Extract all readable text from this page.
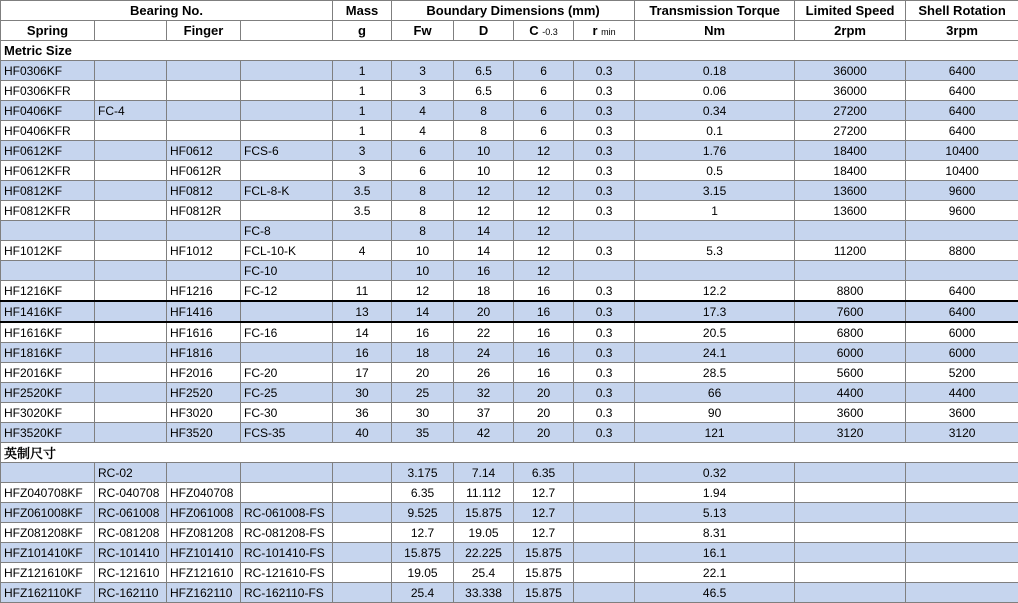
Bearing No.				Mass	Boundary Dimensions (mm)				Transmission Torque	Limited Speed	Shell Rotation
Spring		Finger		g	Fw	D	C -0.3	r min	Nm	2rpm	3rpm
Metric Size											
HF0306KF				1	3	6.5	6	0.3	0.18	36000	6400
HF0306KFR				1	3	6.5	6	0.3	0.06	36000	6400
HF0406KF	FC-4			1	4	8	6	0.3	0.34	27200	6400
HF0406KFR				1	4	8	6	0.3	0.1	27200	6400
HF0612KF		HF0612	FCS-6	3	6	10	12	0.3	1.76	18400	10400
HF0612KFR		HF0612R		3	6	10	12	0.3	0.5	18400	10400
HF0812KF		HF0812	FCL-8-K	3.5	8	12	12	0.3	3.15	13600	9600
HF0812KFR		HF0812R		3.5	8	12	12	0.3	1	13600	9600
			FC-8		8	14	12				
HF1012KF		HF1012	FCL-10-K	4	10	14	12	0.3	5.3	11200	8800
			FC-10		10	16	12				
HF1216KF		HF1216	FC-12	11	12	18	16	0.3	12.2	8800	6400
HF1416KF		HF1416		13	14	20	16	0.3	17.3	7600	6400
HF1616KF		HF1616	FC-16	14	16	22	16	0.3	20.5	6800	6000
HF1816KF		HF1816		16	18	24	16	0.3	24.1	6000	6000
HF2016KF		HF2016	FC-20	17	20	26	16	0.3	28.5	5600	5200
HF2520KF		HF2520	FC-25	30	25	32	20	0.3	66	4400	4400
HF3020KF		HF3020	FC-30	36	30	37	20	0.3	90	3600	3600
HF3520KF		HF3520	FCS-35	40	35	42	20	0.3	121	3120	3120
英制尺寸											
	RC-02				3.175	7.14	6.35		0.32		
HFZ040708KF	RC-040708	HFZ040708			6.35	11.112	12.7		1.94		
HFZ061008KF	RC-061008	HFZ061008	RC-061008-FS		9.525	15.875	12.7		5.13		
HFZ081208KF	RC-081208	HFZ081208	RC-081208-FS		12.7	19.05	12.7		8.31		
HFZ101410KF	RC-101410	HFZ101410	RC-101410-FS		15.875	22.225	15.875		16.1		
HFZ121610KF	RC-121610	HFZ121610	RC-121610-FS		19.05	25.4	15.875		22.1		
HFZ162110KF	RC-162110	HFZ162110	RC-162110-FS		25.4	33.338	15.875		46.5		
